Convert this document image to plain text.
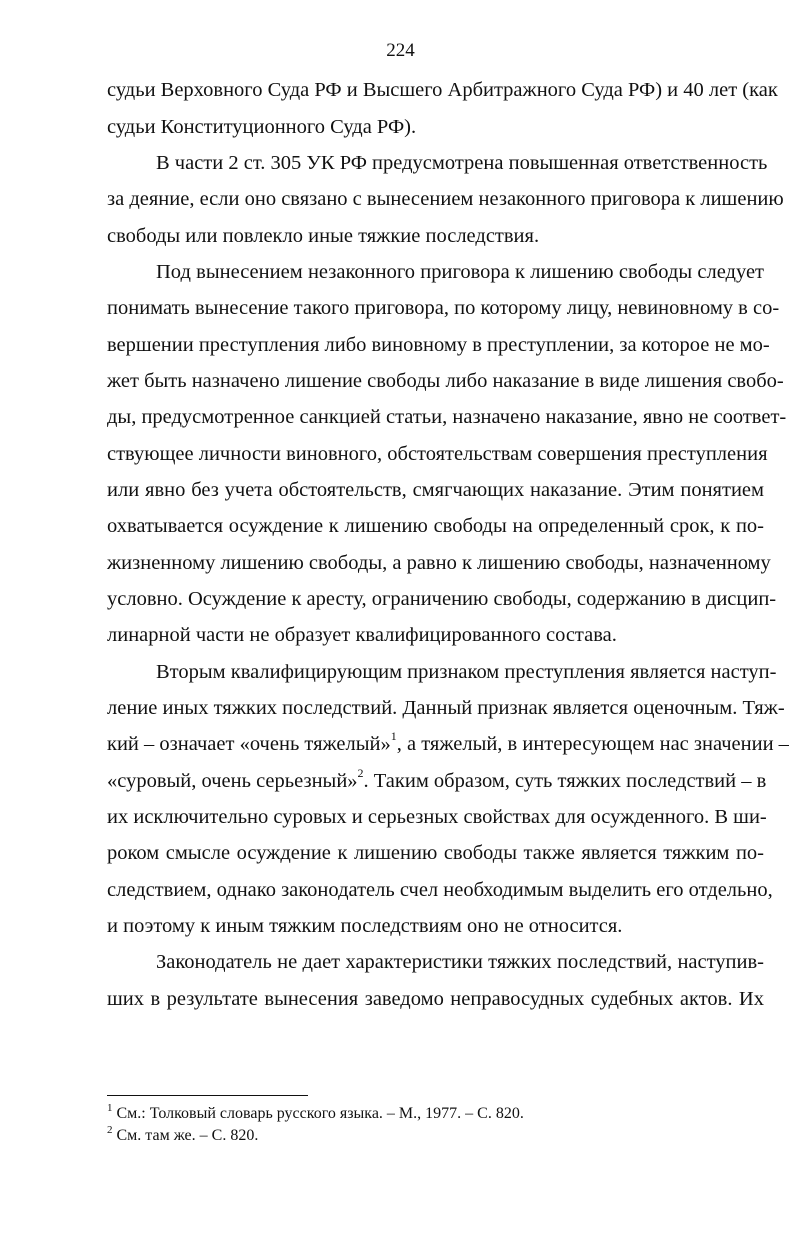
224
судьи Верховного Суда РФ и Высшего Арбитражного Суда РФ) и 40 лет (как
судьи Конституционного Суда РФ).
В части 2 ст. 305 УК РФ предусмотрена повышенная ответственность
за деяние, если оно связано с вынесением незаконного приговора к лишению
свободы или повлекло иные тяжкие последствия.
Под вынесением незаконного приговора к лишению свободы следует
понимать вынесение такого приговора, по которому лицу, невиновному в со-
вершении преступления либо виновному в преступлении, за которое не мо-
жет быть назначено лишение свободы либо наказание в виде лишения свобо-
ды, предусмотренное санкцией статьи, назначено наказание, явно не соответ-
ствующее личности виновного, обстоятельствам совершения преступления
или явно без учета обстоятельств, смягчающих наказание. Этим понятием
охватывается осуждение к лишению свободы на определенный срок, к по-
жизненному лишению свободы, а равно к лишению свободы, назначенному
условно. Осуждение к аресту, ограничению свободы, содержанию в дисцип-
линарной части не образует квалифицированного состава.
Вторым квалифицирующим признаком преступления является наступ-
ление иных тяжких последствий. Данный признак является оценочным. Тяж-
кий – означает «очень тяжелый»$^1$, а тяжелый, в интересующем нас значении –
«суровый, очень серьезный»$^2$. Таким образом, суть тяжких последствий – в
их исключительно суровых и серьезных свойствах для осужденного. В ши-
роком смысле осуждение к лишению свободы также является тяжким по-
следствием, однако законодатель счел необходимым выделить его отдельно,
и поэтому к иным тяжким последствиям оно не относится.
Законодатель не дает характеристики тяжких последствий, наступив-
ших в результате вынесения заведомо неправосудных судебных актов. Их
$^1$ См.: Толковый словарь русского языка. – М., 1977. – С. 820.
$^2$ См. там же. – С. 820.
